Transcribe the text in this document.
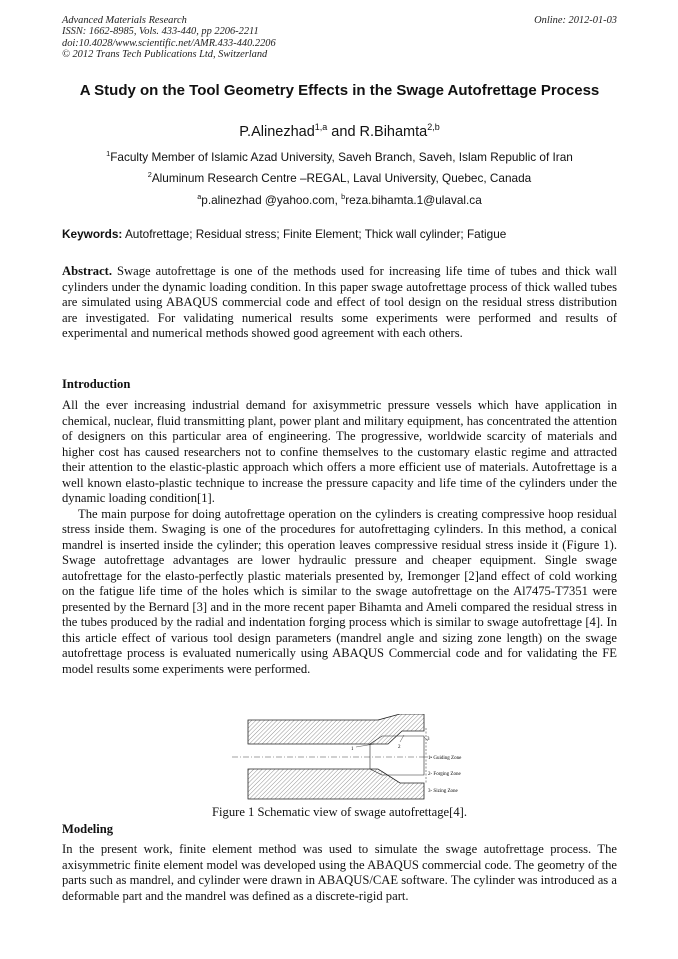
Advanced Materials Research
ISSN: 1662-8985, Vols. 433-440, pp 2206-2211
doi:10.4028/www.scientific.net/AMR.433-440.2206
© 2012 Trans Tech Publications Ltd, Switzerland
Online: 2012-01-03
A Study on the Tool Geometry Effects in the Swage Autofrettage Process
P.Alinezhad$^{1,a}$ and R.Bihamta$^{2,b}$
$^1$Faculty Member of Islamic Azad University, Saveh Branch, Saveh, Islam Republic of Iran
$^2$Aluminum Research Centre –REGAL, Laval University, Quebec, Canada
$^a$p.alinezhad @yahoo.com, $^b$reza.bihamta.1@ulaval.ca
Keywords: Autofrettage; Residual stress; Finite Element; Thick wall cylinder; Fatigue

Abstract. Swage autofrettage is one of the methods used for increasing life time of tubes and thick wall cylinders under the dynamic loading condition. In this paper swage autofrettage process of thick walled tubes are simulated using ABAQUS commercial code and effect of tool design on the residual stress distribution are investigated. For validating numerical results some experiments were performed and results of experimental and numerical methods showed good agreement with each others.

Introduction

All the ever increasing industrial demand for axisymmetric pressure vessels which have application in chemical, nuclear, fluid transmitting plant, power plant and military equipment, has concentrated the attention of designers on this particular area of engineering. The progressive, worldwide scarcity of materials and higher cost has caused researchers not to confine themselves to the customary elastic regime and attracted their attention to the elastic-plastic approach which offers a more efficient use of materials. Autofrettage is a well known elasto-plastic technique to increase the pressure capacity and life time of the cylinders under the dynamic loading condition[1].

The main purpose for doing autofrettage operation on the cylinders is creating compressive hoop residual stress inside them. Swaging is one of the procedures for autofrettaging cylinders. In this method, a conical mandrel is inserted inside the cylinder; this operation leaves compressive residual stress inside it (Figure 1). Swage autofrettage advantages are lower hydraulic pressure and cheaper equipment. Single swage autofrettage for the elasto-perfectly plastic materials presented by, Iremonger [2]and effect of cold working on the fatigue life time of the holes which is similar to the swage autofrettage on the Al7475-T7351 were presented by the Bernard [3] and in the more recent paper Bihamta and Ameli compared the residual stress in the tubes produced by the radial and indentation forging process which is similar to swage autofrettage [4]. In this article effect of various tool design parameters (mandrel angle and sizing zone length) on the swage autofrettage process is evaluated numerically using ABAQUS Commercial code and for validating the FE model results some experiments were performed.

1	2
3
1- Guiding Zone
2- Forging Zone
3- Sizing Zone
Figure 1 Schematic view of swage autofrettage[4].
Modeling

In the present work, finite element method was used to simulate the swage autofrettage process. The axisymmetric finite element model was developed using the ABAQUS commercial code. The geometry of the parts such as mandrel, and cylinder were drawn in ABAQUS/CAE software. The cylinder was introduced as a deformable part and the mandrel was defined as a discrete-rigid part.
